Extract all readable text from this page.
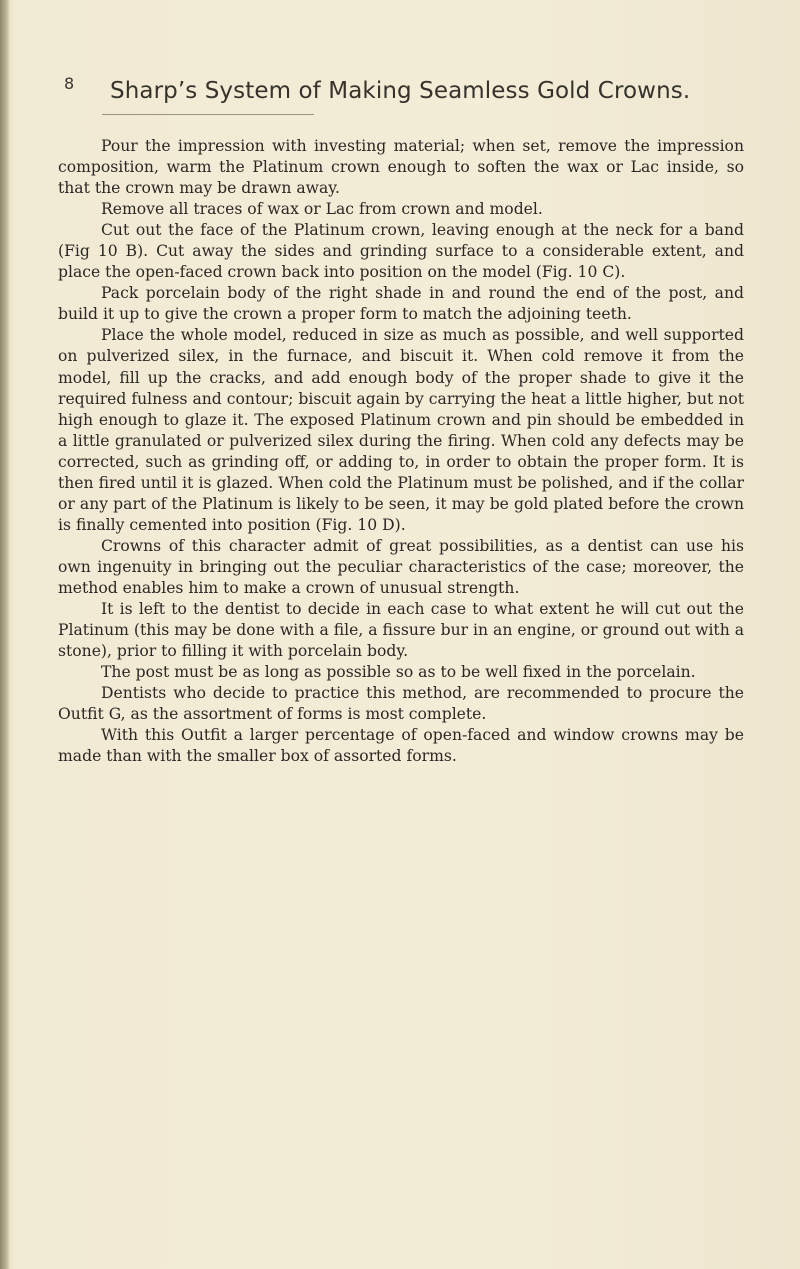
8 Sharp’s System of Making Seamless Gold Crowns.

Pour the impression with investing material; when set, remove the impression composition, warm the Platinum crown enough to soften the wax or Lac inside, so that the crown may be drawn away.

Remove all traces of wax or Lac from crown and model.

Cut out the face of the Platinum crown, leaving enough at the neck for a band (Fig 10 B). Cut away the sides and grinding surface to a considerable extent, and place the open-faced crown back into position on the model (Fig. 10 C).

Pack porcelain body of the right shade in and round the end of the post, and build it up to give the crown a proper form to match the adjoining teeth.

Place the whole model, reduced in size as much as possible, and well supported on pulverized silex, in the furnace, and biscuit it. When cold remove it from the model, fill up the cracks, and add enough body of the proper shade to give it the required fulness and contour; biscuit again by carrying the heat a little higher, but not high enough to glaze it. The exposed Platinum crown and pin should be embedded in a little granulated or pulverized silex during the firing. When cold any defects may be corrected, such as grinding off, or adding to, in order to obtain the proper form. It is then fired until it is glazed. When cold the Platinum must be polished, and if the collar or any part of the Platinum is likely to be seen, it may be gold plated before the crown is finally cemented into position (Fig. 10 D).

Crowns of this character admit of great possibilities, as a dentist can use his own ingenuity in bringing out the peculiar characteristics of the case; moreover, the method enables him to make a crown of unusual strength.

It is left to the dentist to decide in each case to what extent he will cut out the Platinum (this may be done with a file, a fissure bur in an engine, or ground out with a stone), prior to filling it with porcelain body.

The post must be as long as possible so as to be well fixed in the porcelain.

Dentists who decide to practice this method, are recommended to procure the Outfit G, as the assortment of forms is most complete.

With this Outfit a larger percentage of open-faced and window crowns may be made than with the smaller box of assorted forms.
